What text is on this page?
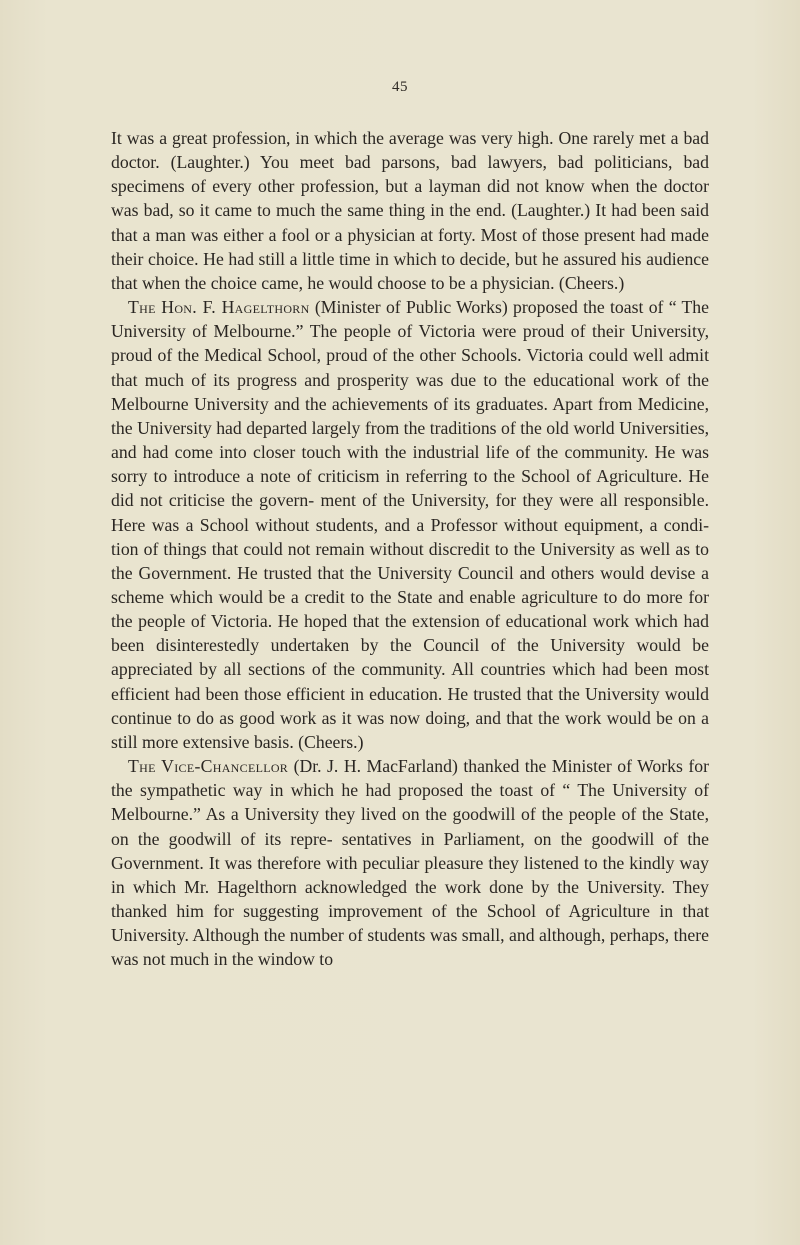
45

It was a great profession, in which the average was very high. One rarely met a bad doctor. (Laughter.) You meet bad parsons, bad lawyers, bad politicians, bad specimens of every other profession, but a layman did not know when the doctor was bad, so it came to much the same thing in the end. (Laughter.) It had been said that a man was either a fool or a physician at forty. Most of those present had made their choice. He had still a little time in which to decide, but he assured his audience that when the choice came, he would choose to be a physician. (Cheers.)

The Hon. F. Hagelthorn (Minister of Public Works) proposed the toast of “ The University of Melbourne.” The people of Victoria were proud of their University, proud of the Medical School, proud of the other Schools. Victoria could well admit that much of its progress and prosperity was due to the educational work of the Melbourne University and the achievements of its graduates. Apart from Medicine, the University had departed largely from the traditions of the old world Universities, and had come into closer touch with the industrial life of the community. He was sorry to introduce a note of criticism in referring to the School of Agriculture. He did not criticise the govern- ment of the University, for they were all responsible. Here was a School without students, and a Professor without equipment, a condi- tion of things that could not remain without discredit to the University as well as to the Government. He trusted that the University Council and others would devise a scheme which would be a credit to the State and enable agriculture to do more for the people of Victoria. He hoped that the extension of educational work which had been disinterestedly undertaken by the Council of the University would be appreciated by all sections of the community. All countries which had been most efficient had been those efficient in education. He trusted that the University would continue to do as good work as it was now doing, and that the work would be on a still more extensive basis. (Cheers.)

The Vice-Chancellor (Dr. J. H. MacFarland) thanked the Minister of Works for the sympathetic way in which he had proposed the toast of “ The University of Melbourne.” As a University they lived on the goodwill of the people of the State, on the goodwill of its repre- sentatives in Parliament, on the goodwill of the Government. It was therefore with peculiar pleasure they listened to the kindly way in which Mr. Hagelthorn acknowledged the work done by the University. They thanked him for suggesting improvement of the School of Agriculture in that University. Although the number of students was small, and although, perhaps, there was not much in the window to
